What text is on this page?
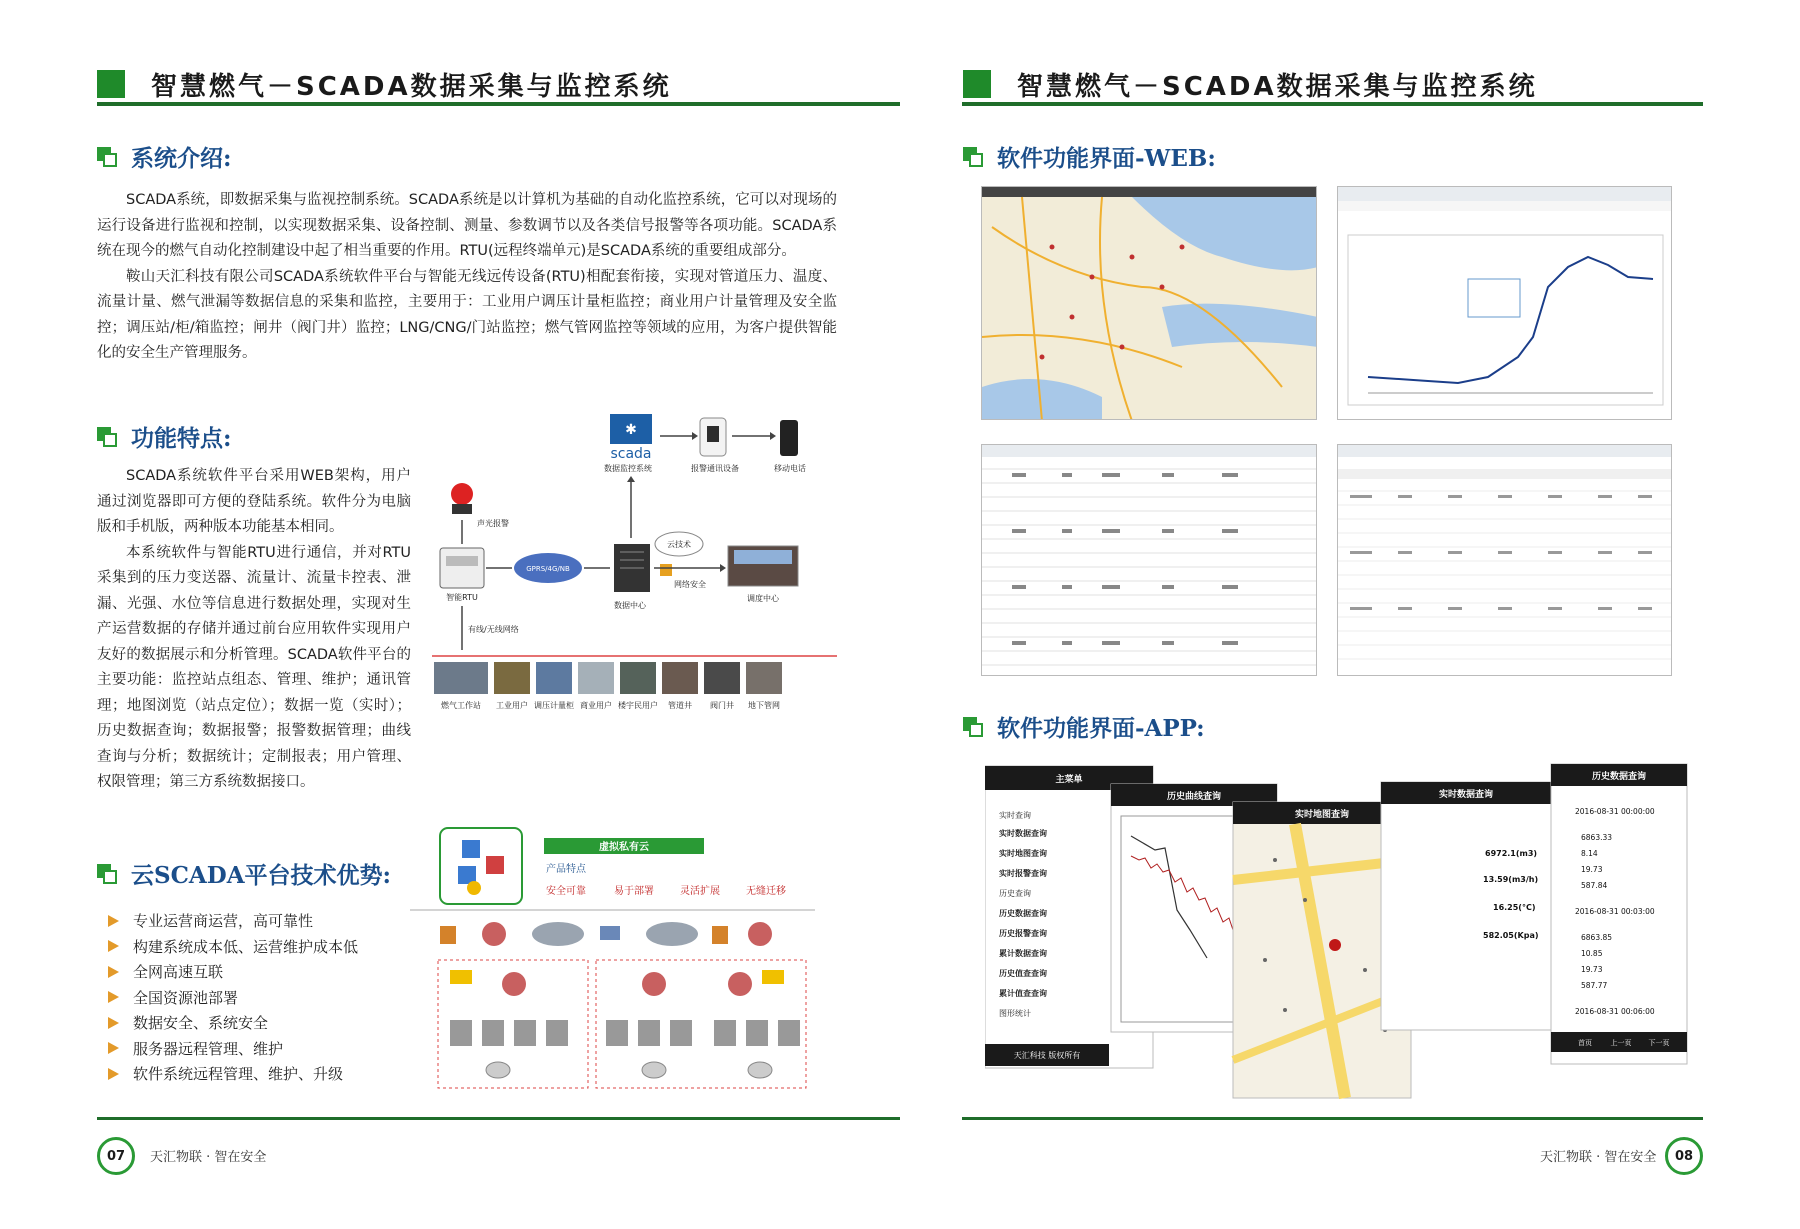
智慧燃气－SCADA数据采集与监控系统
系统介绍:

SCADA系统，即数据采集与监视控制系统。SCADA系统是以计算机为基础的自动化监控系统，它可以对现场的运行设备进行监视和控制，以实现数据采集、设备控制、测量、参数调节以及各类信号报警等各项功能。SCADA系统在现今的燃气自动化控制建设中起了相当重要的作用。RTU(远程终端单元)是SCADA系统的重要组成部分。

鞍山天汇科技有限公司SCADA系统软件平台与智能无线远传设备(RTU)相配套衔接，实现对管道压力、温度、流量计量、燃气泄漏等数据信息的采集和监控，主要用于：工业用户调压计量柜监控；商业用户计量管理及安全监控；调压站/柜/箱监控；闸井（阀门井）监控；LNG/CNG/门站监控；燃气管网监控等领域的应用，为客户提供智能化的安全生产管理服务。

功能特点:

SCADA系统软件平台采用WEB架构，用户通过浏览器即可方便的登陆系统。软件分为电脑版和手机版，两种版本功能基本相同。

本系统软件与智能RTU进行通信，并对RTU采集到的压力变送器、流量计、流量卡控表、泄漏、光强、水位等信息进行数据处理，实现对生产运营数据的存储并通过前台应用软件实现用户友好的数据展示和分析管理。SCADA软件平台的主要功能：监控站点组态、管理、维护；通讯管理；地图浏览（站点定位）；数据一览（实时）；历史数据查询；数据报警；报警数据管理；曲线查询与分析；数据统计；定制报表；用户管理、权限管理；第三方系统数据接口。

✱
scada
数据监控系统	报警通讯设备	移动电话
声光报警
智能RTU
GPRS/4G/NB
数据中心
云技术
网络安全
调度中心
有线/无线网络
燃气工作站 工业用户 调压计量柜 商业用户 楼宇民用户 管道井 阀门井 地下管网
云SCADA平台技术优势:
专业运营商运营，高可靠性
构建系统成本低、运营维护成本低
全网高速互联
全国资源池部署
数据安全、系统安全
服务器远程管理、维护
软件系统远程管理、维护、升级
虚拟私有云
产品特点
安全可靠	易于部署	灵活扩展	无缝迁移
07	天汇物联 · 智在安全
智慧燃气－SCADA数据采集与监控系统
软件功能界面-WEB:
软件功能界面-APP:
主菜单
实时查询
实时数据查询
实时地图查询
实时报警查询
历史查询
历史数据查询
历史报警查询
累计数据查询
历史值查查询
累计值查查询
图形统计
天汇科技 版权所有
历史曲线查询
实时地图查询
实时数据查询
6972.1(m3)
13.59(m3/h)
16.25(°C)
582.05(Kpa)
历史数据查询
2016-08-31 00:00:00
6863.33
8.14
19.73
587.84
2016-08-31 00:03:00
6863.85
10.85
19.73
587.77
2016-08-31 00:06:00
首页	上一页 下一页
天汇物联 · 智在安全	08
